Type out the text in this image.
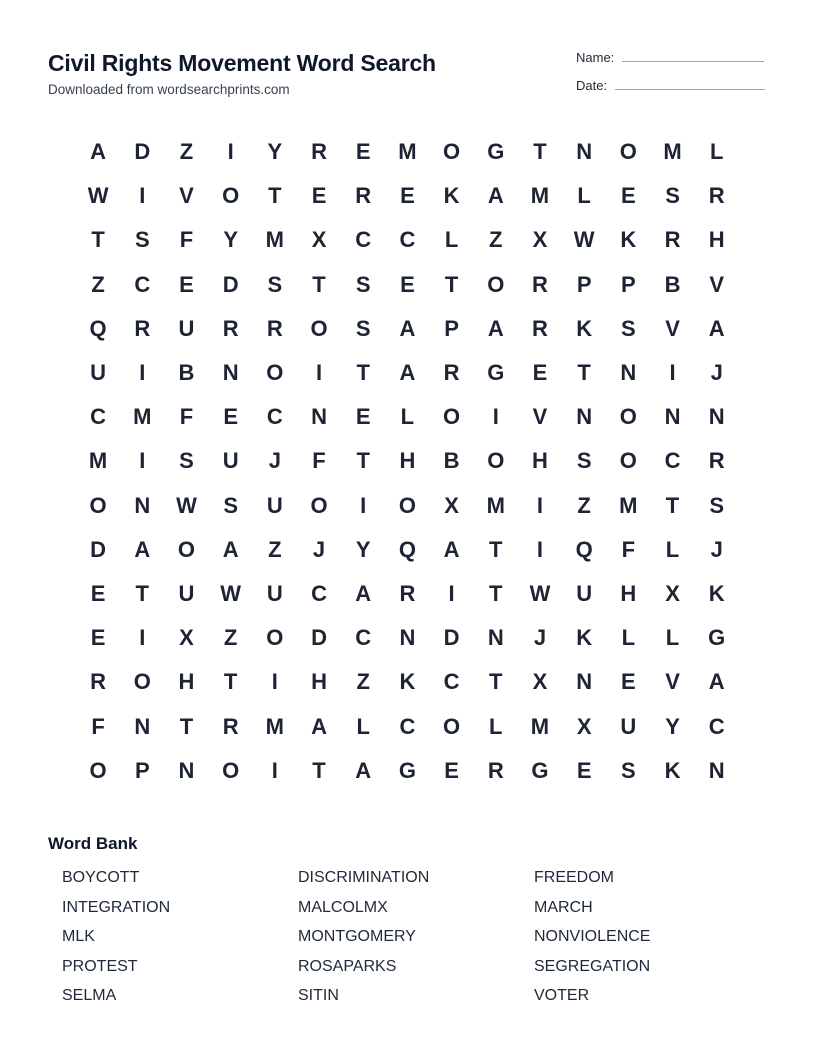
Civil Rights Movement Word Search
Downloaded from wordsearchprints.com
Name:
Date:
A	D	Z	I	Y	R	E	M	O	G	T	N	O	M	L
W	I	V	O	T	E	R	E	K	A	M	L	E	S	R
T	S	F	Y	M	X	C	C	L	Z	X	W	K	R	H
Z	C	E	D	S	T	S	E	T	O	R	P	P	B	V
Q	R	U	R	R	O	S	A	P	A	R	K	S	V	A
U	I	B	N	O	I	T	A	R	G	E	T	N	I	J
C	M	F	E	C	N	E	L	O	I	V	N	O	N	N
M	I	S	U	J	F	T	H	B	O	H	S	O	C	R
O	N	W	S	U	O	I	O	X	M	I	Z	M	T	S
D	A	O	A	Z	J	Y	Q	A	T	I	Q	F	L	J
E	T	U	W	U	C	A	R	I	T	W	U	H	X	K
E	I	X	Z	O	D	C	N	D	N	J	K	L	L	G
R	O	H	T	I	H	Z	K	C	T	X	N	E	V	A
F	N	T	R	M	A	L	C	O	L	M	X	U	Y	C
O	P	N	O	I	T	A	G	E	R	G	E	S	K	N
Word Bank
BOYCOTT	DISCRIMINATION	FREEDOM
INTEGRATION	MALCOLMX	MARCH
MLK	MONTGOMERY	NONVIOLENCE
PROTEST	ROSAPARKS	SEGREGATION
SELMA	SITIN	VOTER
